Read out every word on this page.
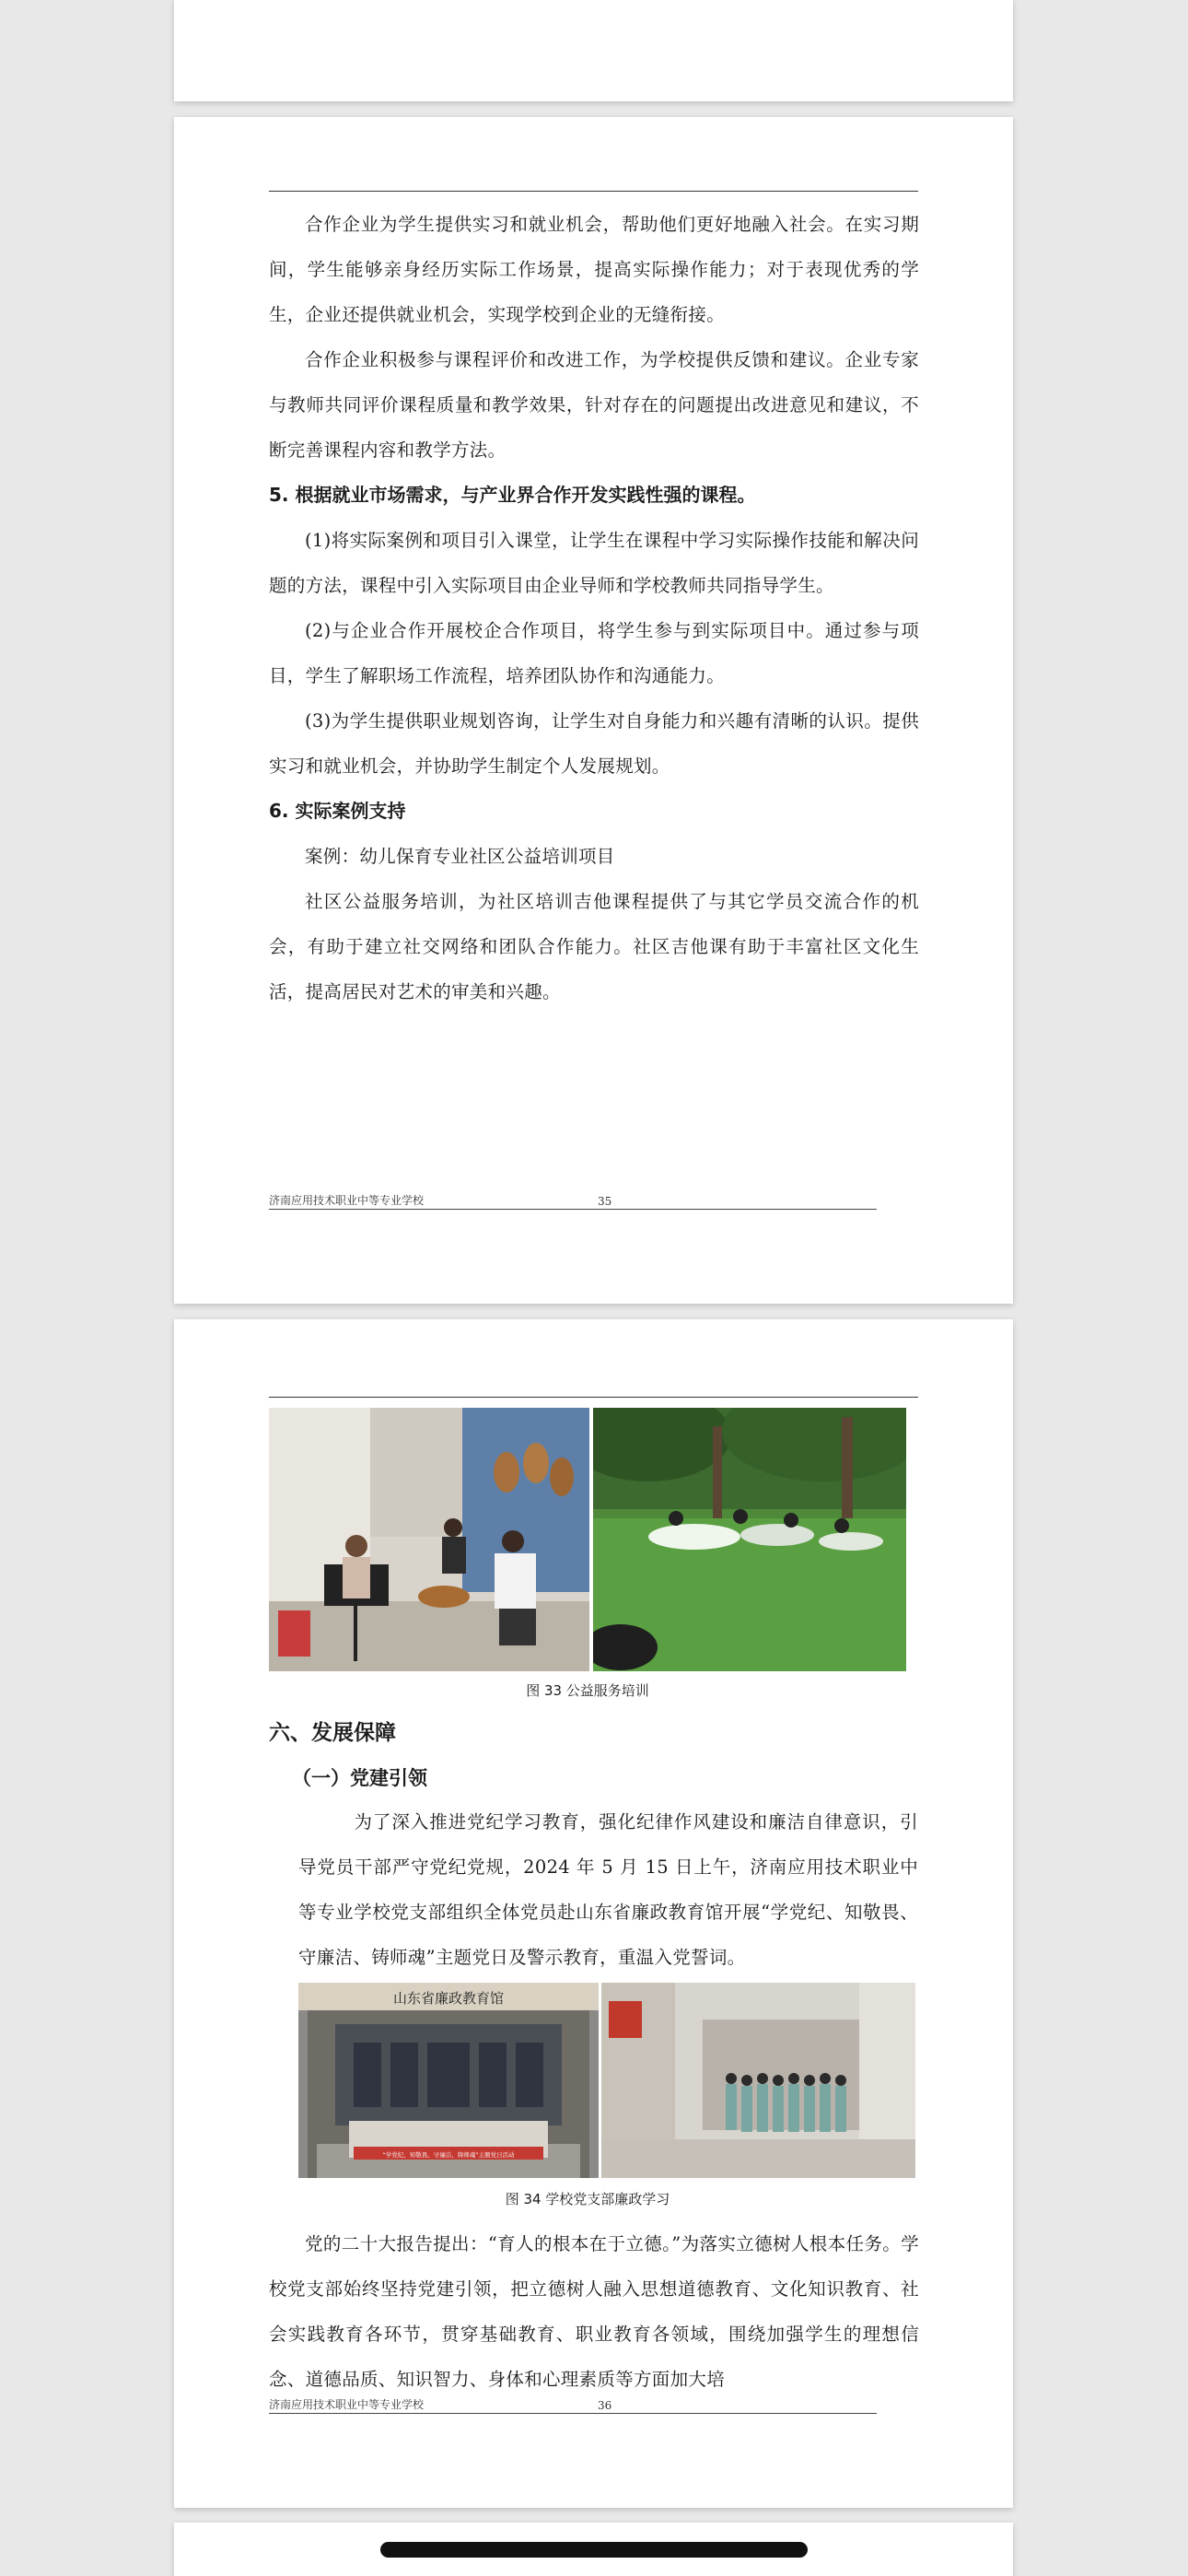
合作企业为学生提供实习和就业机会，帮助他们更好地融入社会。在实习期间，学生能够亲身经历实际工作场景，提高实际操作能力；对于表现优秀的学生，企业还提供就业机会，实现学校到企业的无缝衔接。

合作企业积极参与课程评价和改进工作，为学校提供反馈和建议。企业专家与教师共同评价课程质量和教学效果，针对存在的问题提出改进意见和建议，不断完善课程内容和教学方法。

5. 根据就业市场需求，与产业界合作开发实践性强的课程。

(1)将实际案例和项目引入课堂，让学生在课程中学习实际操作技能和解决问题的方法，课程中引入实际项目由企业导师和学校教师共同指导学生。

(2)与企业合作开展校企合作项目，将学生参与到实际项目中。通过参与项目，学生了解职场工作流程，培养团队协作和沟通能力。

(3)为学生提供职业规划咨询，让学生对自身能力和兴趣有清晰的认识。提供实习和就业机会，并协助学生制定个人发展规划。

6. 实际案例支持

案例：幼儿保育专业社区公益培训项目

社区公益服务培训，为社区培训吉他课程提供了与其它学员交流合作的机会，有助于建立社交网络和团队合作能力。社区吉他课有助于丰富社区文化生活，提高居民对艺术的审美和兴趣。

济南应用技术职业中等专业学校	35
图 33 公益服务培训
六、发展保障
（一）党建引领

为了深入推进党纪学习教育，强化纪律作风建设和廉洁自律意识，引导党员干部严守党纪党规，2024 年 5 月 15 日上午，济南应用技术职业中等专业学校党支部组织全体党员赴山东省廉政教育馆开展“学党纪、知敬畏、守廉洁、铸师魂”主题党日及警示教育，重温入党誓词。

山东省廉政教育馆
“学党纪、知敬畏、守廉洁、铸师魂”主题党日活动
图 34 学校党支部廉政学习

党的二十大报告提出：“育人的根本在于立德。”为落实立德树人根本任务。学校党支部始终坚持党建引领，把立德树人融入思想道德教育、文化知识教育、社会实践教育各环节，贯穿基础教育、职业教育各领域，围绕加强学生的理想信念、道德品质、知识智力、身体和心理素质等方面加大培

济南应用技术职业中等专业学校	36
